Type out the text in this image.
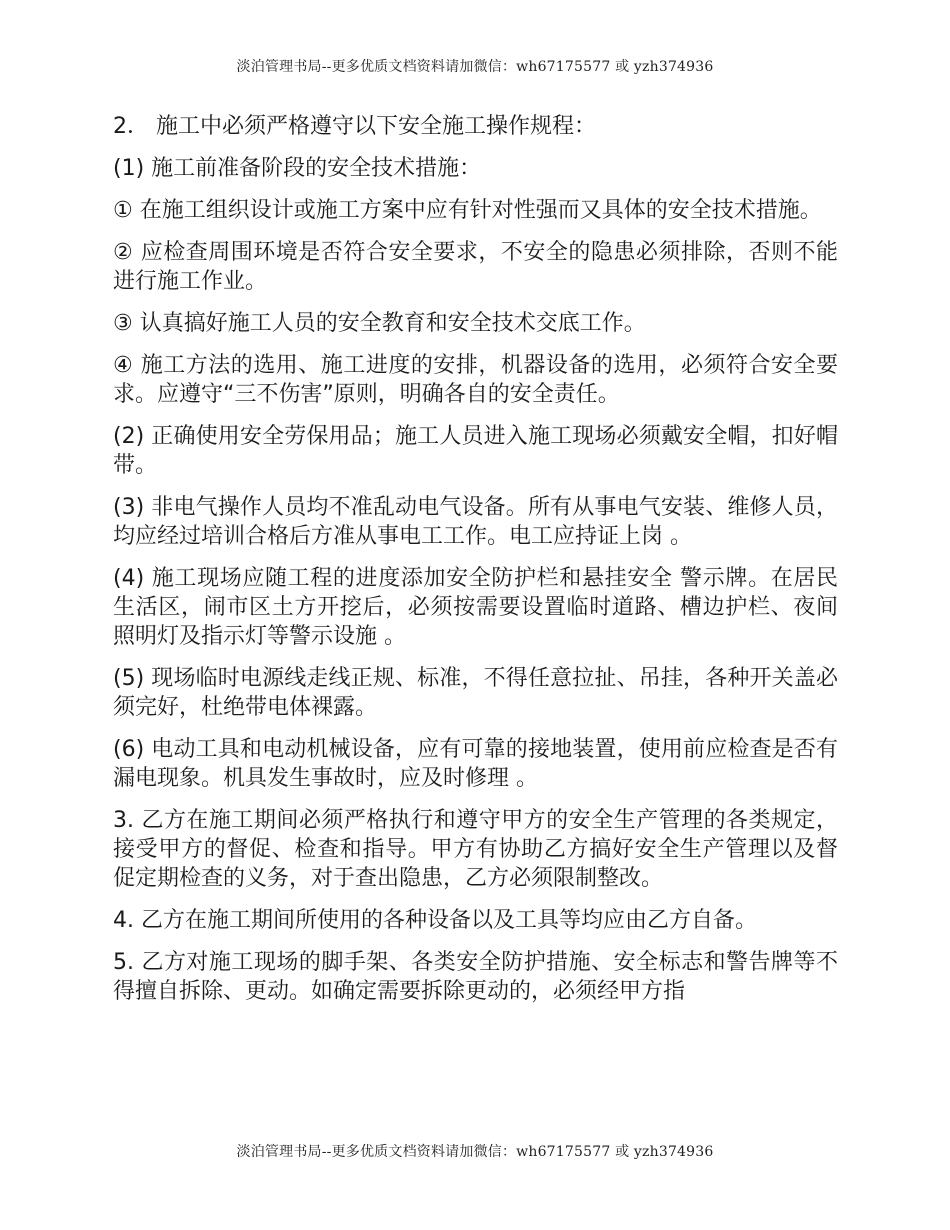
淡泊管理书局--更多优质文档资料请加微信：wh67175577 或 yzh374936

2． 施工中必须严格遵守以下安全施工操作规程：

(1) 施工前准备阶段的安全技术措施：

① 在施工组织设计或施工方案中应有针对性强而又具体的安全技术措施。

② 应检查周围环境是否符合安全要求，不安全的隐患必须排除，否则不能进行施工作业。

③ 认真搞好施工人员的安全教育和安全技术交底工作。

④ 施工方法的选用、施工进度的安排，机器设备的选用，必须符合安全要求。应遵守“三不伤害”原则，明确各自的安全责任。

(2) 正确使用安全劳保用品；施工人员进入施工现场必须戴安全帽，扣好帽带。

(3) 非电气操作人员均不准乱动电气设备。所有从事电气安装、维修人员，均应经过培训合格后方准从事电工工作。电工应持证上岗 。

(4) 施工现场应随工程的进度添加安全防护栏和悬挂安全 警示牌。在居民生活区，闹市区土方开挖后，必须按需要设置临时道路、槽边护栏、夜间照明灯及指示灯等警示设施 。

(5) 现场临时电源线走线正规、标准，不得任意拉扯、吊挂，各种开关盖必须完好，杜绝带电体裸露。

(6) 电动工具和电动机械设备，应有可靠的接地装置，使用前应检查是否有漏电现象。机具发生事故时，应及时修理 。

3. 乙方在施工期间必须严格执行和遵守甲方的安全生产管理的各类规定，接受甲方的督促、检查和指导。甲方有协助乙方搞好安全生产管理以及督促定期检查的义务，对于查出隐患，乙方必须限制整改。

4. 乙方在施工期间所使用的各种设备以及工具等均应由乙方自备。

5. 乙方对施工现场的脚手架、各类安全防护措施、安全标志和警告牌等不得擅自拆除、更动。如确定需要拆除更动的，必须经甲方指

淡泊管理书局--更多优质文档资料请加微信：wh67175577 或 yzh374936
